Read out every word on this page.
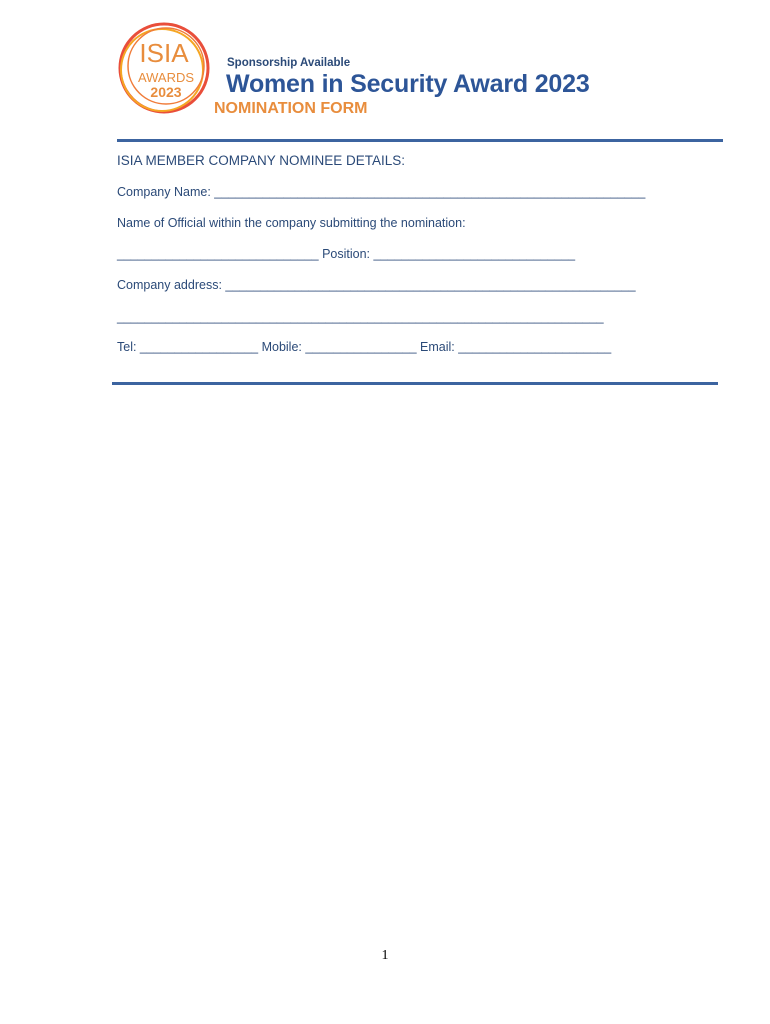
ISIA
AWARDS
2023
Sponsorship Available
Women in Security Award 2023
NOMINATION FORM
ISIA MEMBER COMPANY NOMINEE DETAILS:
Company Name: ______________________________________________________________
Name of Official within the company submitting the nomination:
_____________________________ Position: _____________________________
Company address: ___________________________________________________________
______________________________________________________________________
Tel: _________________ Mobile: ________________ Email: ______________________
1
